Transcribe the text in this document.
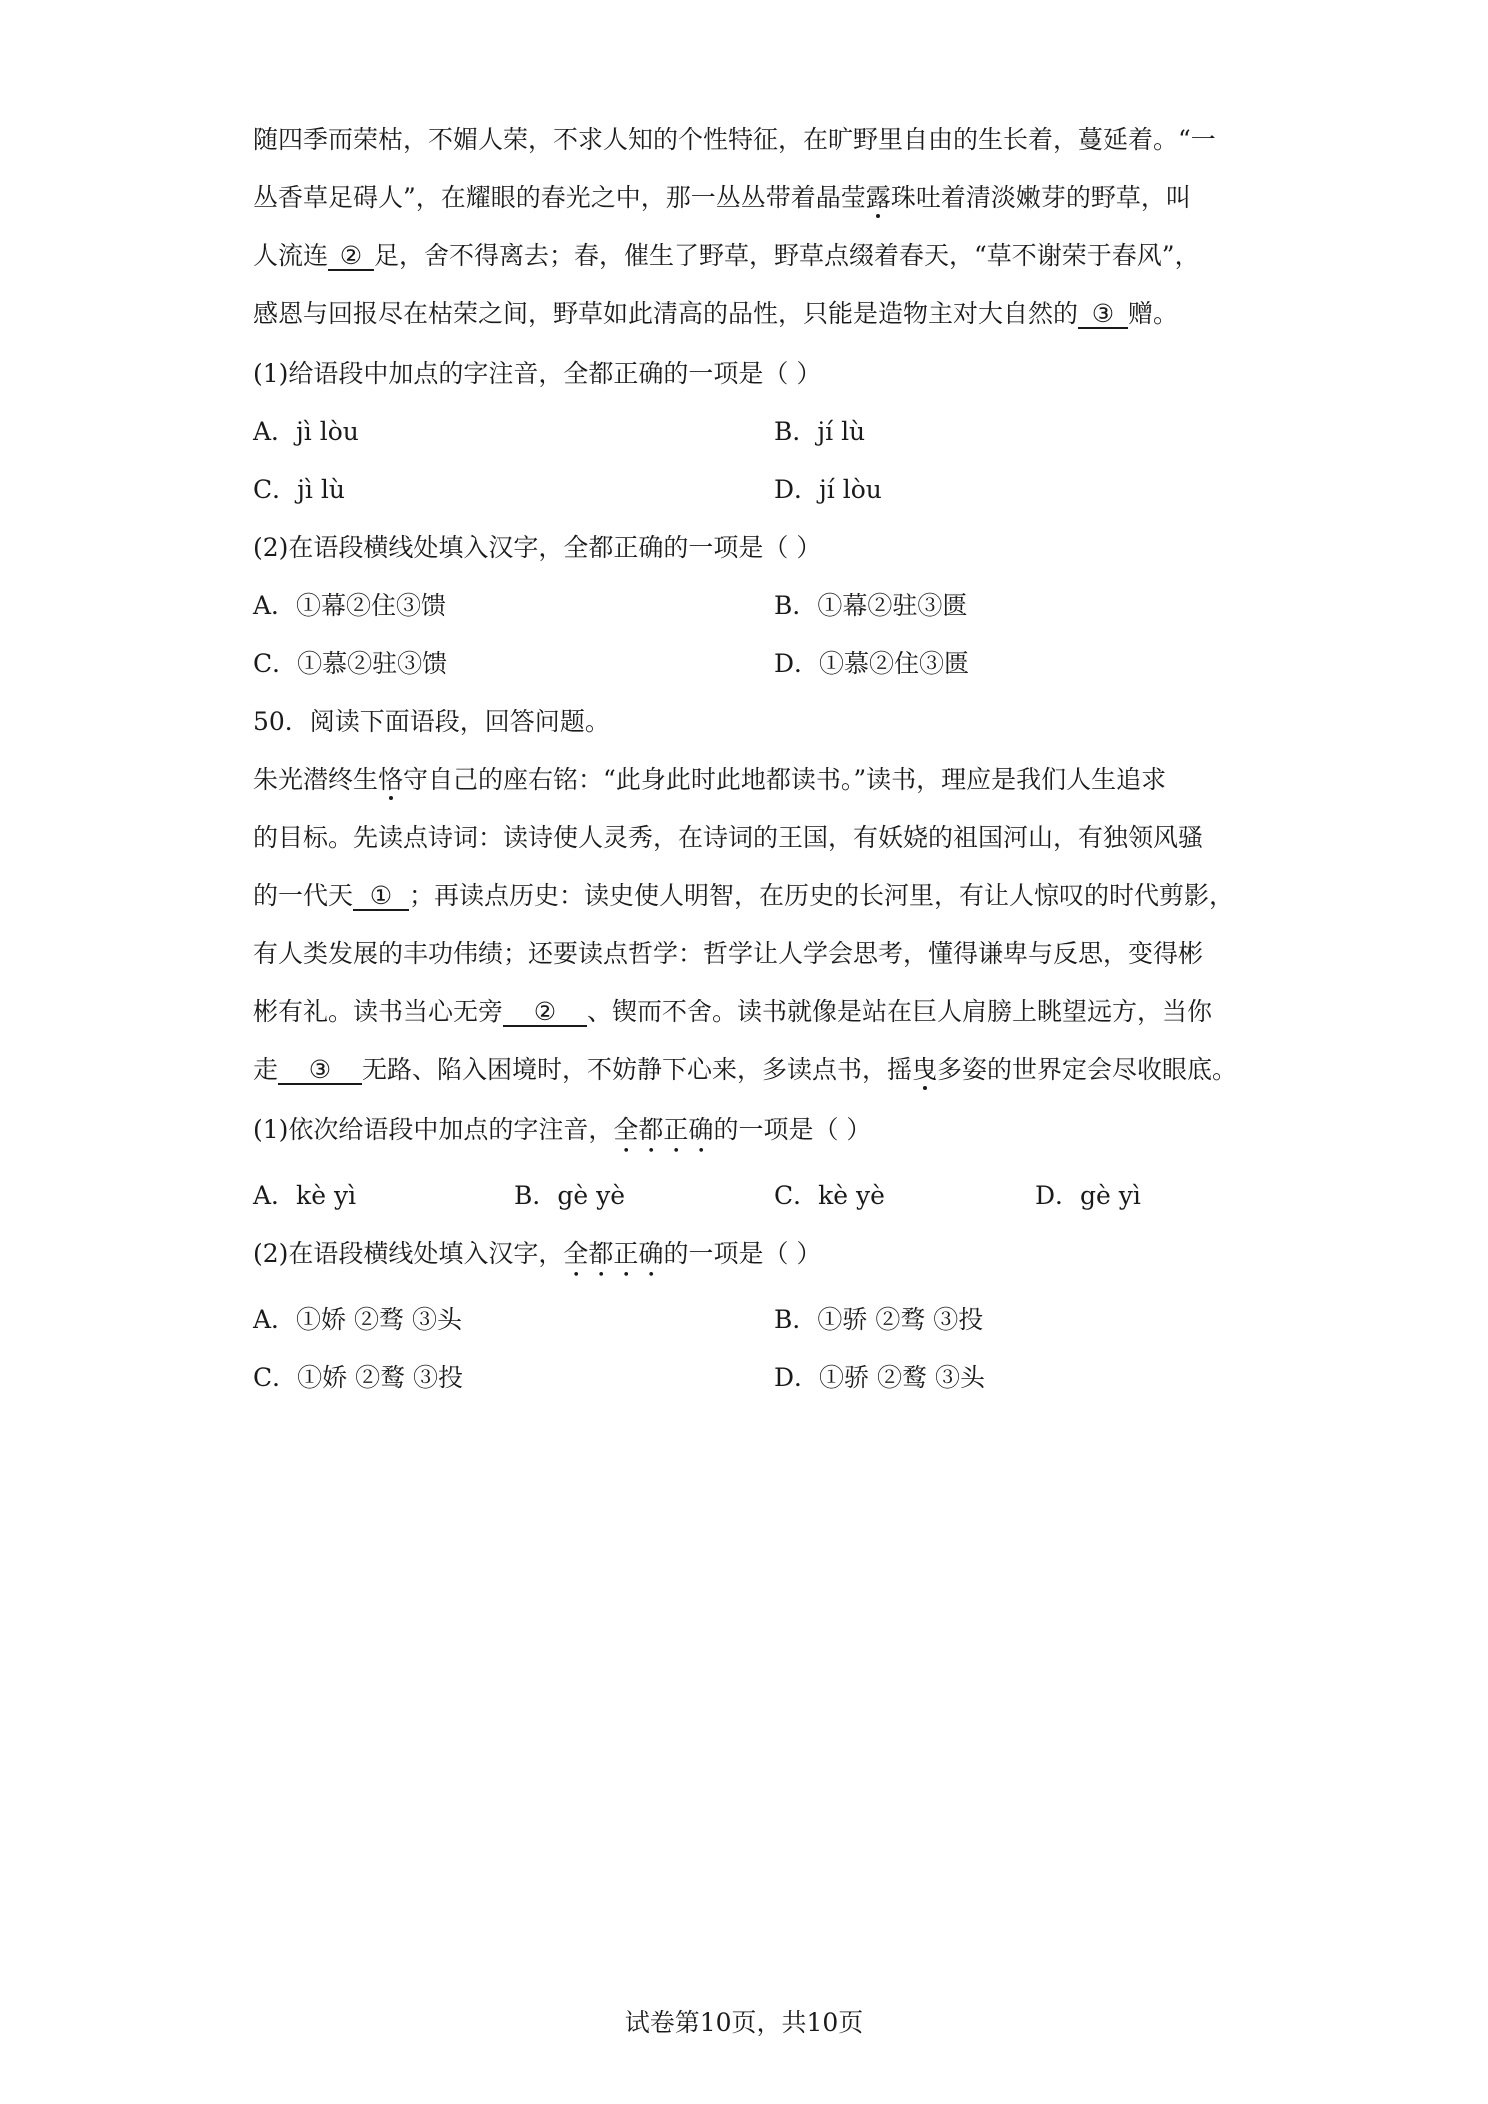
随四季而荣枯，不媚人荣，不求人知的个性特征，在旷野里自由的生长着，蔓延着。“一
丛香草足碍人”，在耀眼的春光之中，那一丛丛带着晶莹露珠吐着清淡嫩芽的野草，叫
人流连 ② 足，舍不得离去；春，催生了野草，野草点缀着春天，“草不谢荣于春风”，
感恩与回报尽在枯荣之间，野草如此清高的品性，只能是造物主对大自然的 ③ 赠。
(1)给语段中加点的字注音，全都正确的一项是（ ）
A．jì lòu	B．jí lù
C．jì lù	D．jí lòu
(2)在语段横线处填入汉字，全都正确的一项是（ ）
A．①幕②住③馈	B．①幕②驻③匮
C．①慕②驻③馈	D．①慕②住③匮
50．阅读下面语段，回答问题。
朱光潜终生恪守自己的座右铭：“此身此时此地都读书。”读书，理应是我们人生追求
的目标。先读点诗词：读诗使人灵秀，在诗词的王国，有妖娆的祖国河山，有独领风骚
的一代天 ① ；再读点历史：读史使人明智，在历史的长河里，有让人惊叹的时代剪影，
有人类发展的丰功伟绩；还要读点哲学：哲学让人学会思考，懂得谦卑与反思，变得彬
彬有礼。读书当心无旁 ② 、锲而不舍。读书就像是站在巨人肩膀上眺望远方，当你
走 ③ 无路、陷入困境时，不妨静下心来，多读点书，摇曳多姿的世界定会尽收眼底。
(1)依次给语段中加点的字注音，全都正确的一项是（ ）
A．kè yì	B．gè yè	C．kè yè	D．gè yì
(2)在语段横线处填入汉字，全都正确的一项是（ ）
A．①娇 ②骛 ③头	B．①骄 ②骛 ③投
C．①娇 ②鹜 ③投	D．①骄 ②鹜 ③头
试卷第10页，共10页
